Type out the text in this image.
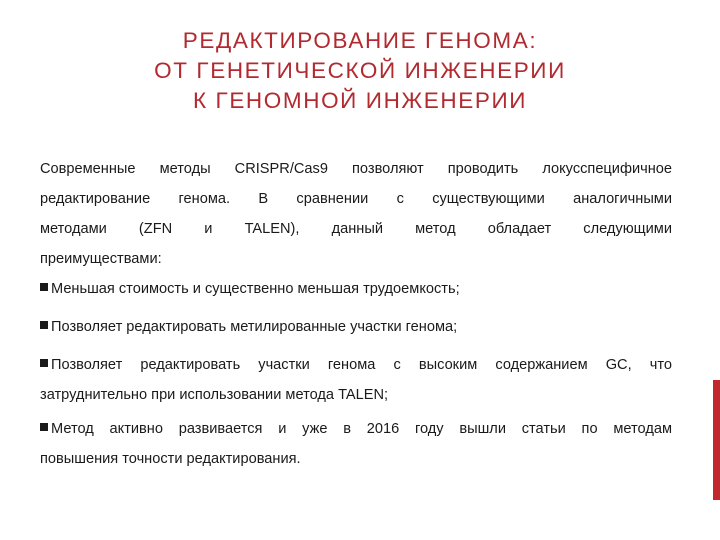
РЕДАКТИРОВАНИЕ ГЕНОМА:
ОТ ГЕНЕТИЧЕСКОЙ ИНЖЕНЕРИИ
К ГЕНОМНОЙ ИНЖЕНЕРИИ

Современные методы CRISPR/Cas9 позволяют проводить локусспецифичное
редактирование генома. В сравнении с существующими аналогичными
методами (ZFN и TALEN), данный метод обладает следующими
преимуществами:

Меньшая стоимость и существенно меньшая трудоемкость;

Позволяет редактировать метилированные участки генома;

Позволяет редактировать участки генома с высоким содержанием GC, что
затруднительно при использовании метода TALEN;

Метод активно развивается и уже в 2016 году вышли статьи по методам
повышения точности редактирования.
